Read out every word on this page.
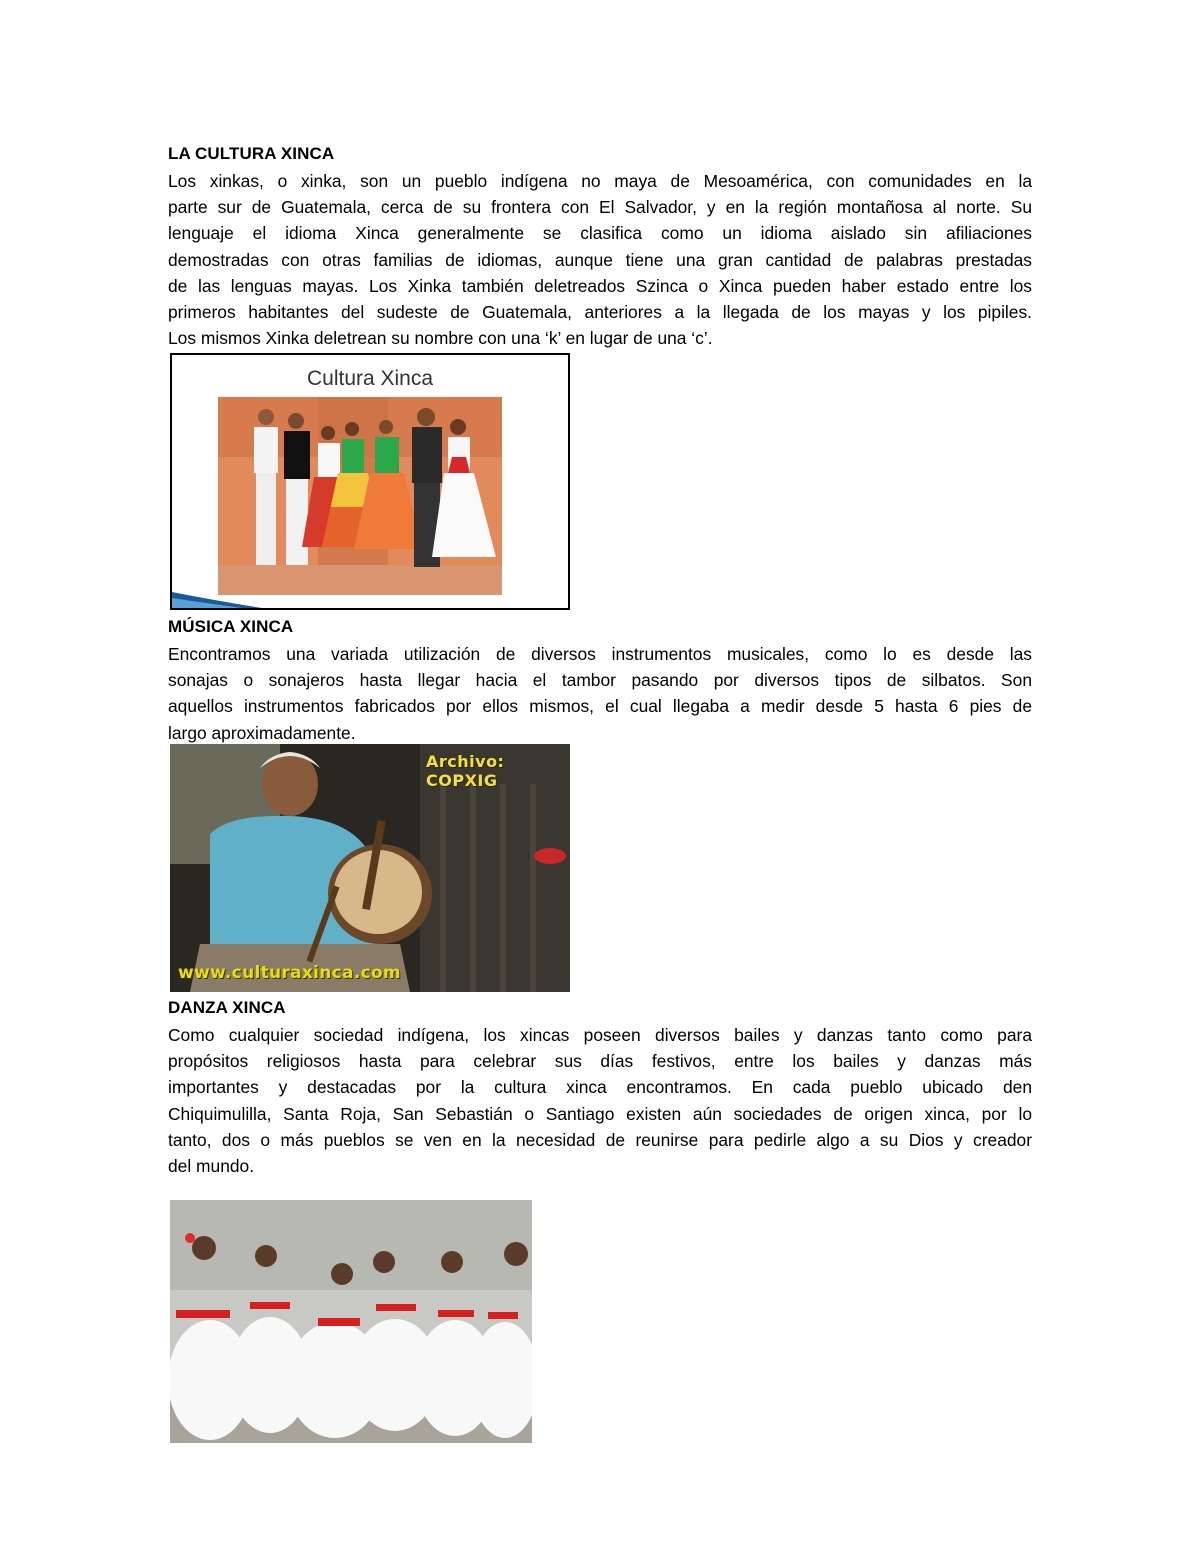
LA CULTURA XINCA

Los xinkas, o xinka, son un pueblo indígena no maya de Mesoamérica, con comunidades en la
parte sur de Guatemala, cerca de su frontera con El Salvador, y en la región montañosa al norte. Su
lenguaje el idioma Xinca generalmente se clasifica como un idioma aislado sin afiliaciones
demostradas con otras familias de idiomas, aunque tiene una gran cantidad de palabras prestadas
de las lenguas mayas. Los Xinka también deletreados Szinca o Xinca pueden haber estado entre los
primeros habitantes del sudeste de Guatemala, anteriores a la llegada de los mayas y los pipiles.
Los mismos Xinka deletrean su nombre con una ‘k’ en lugar de una ‘c’.

Cultura Xinca
MÚSICA XINCA

Encontramos una variada utilización de diversos instrumentos musicales, como lo es desde las
sonajas o sonajeros hasta llegar hacia el tambor pasando por diversos tipos de silbatos. Son
aquellos instrumentos fabricados por ellos mismos, el cual llegaba a medir desde 5 hasta 6 pies de
largo aproximadamente.

Archivo: COPXIG
www.culturaxinca.com
DANZA XINCA

Como cualquier sociedad indígena, los xincas poseen diversos bailes y danzas tanto como para
propósitos religiosos hasta para celebrar sus días festivos, entre los bailes y danzas más
importantes y destacadas por la cultura xinca encontramos. En cada pueblo ubicado den
Chiquimulilla, Santa Roja, San Sebastián o Santiago existen aún sociedades de origen xinca, por lo
tanto, dos o más pueblos se ven en la necesidad de reunirse para pedirle algo a su Dios y creador
del mundo.
